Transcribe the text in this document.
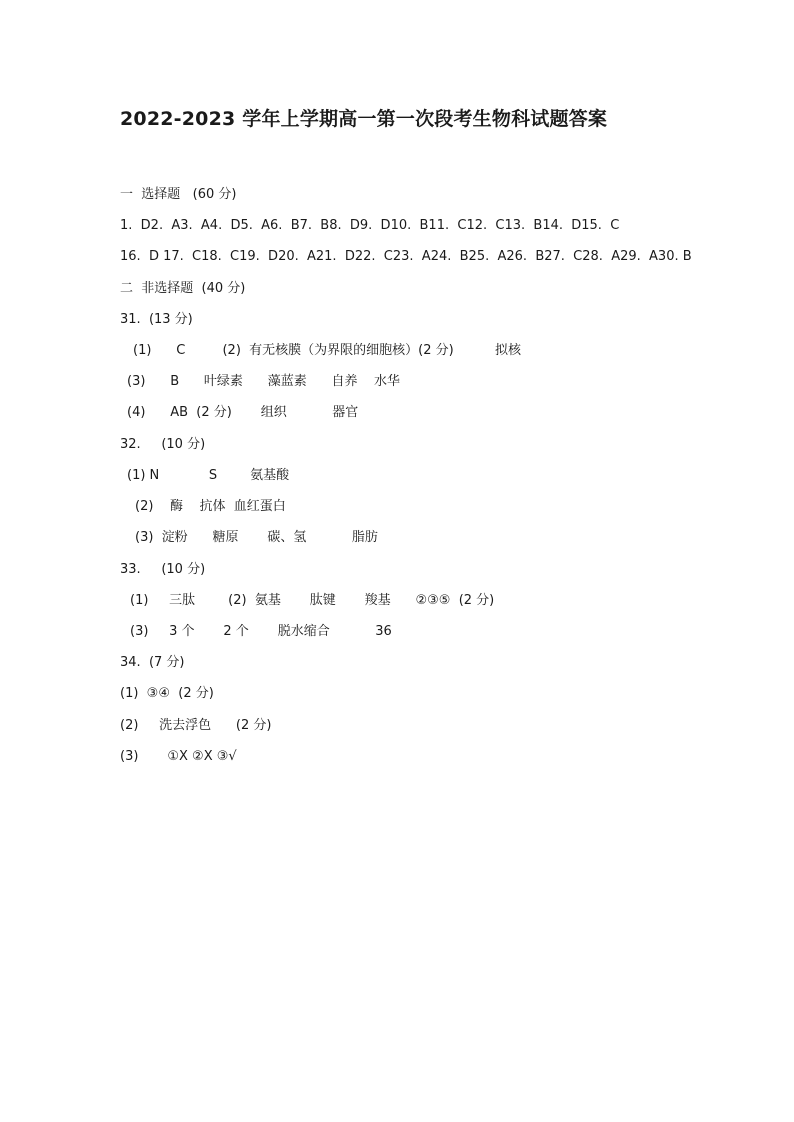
2022-2023 学年上学期高一第一次段考生物科试题答案
一  选择题   (60 分)
1.  D2.  A3.  A4.  D5.  A6.  B7.  B8.  D9.  D10.  B11.  C12.  C13.  B14.  D15.  C
16.  D 17.  C18.  C19.  D20.  A21.  D22.  C23.  A24.  B25.  A26.  B27.  C28.  A29.  A30. B
二  非选择题  (40 分)
31.  (13 分)
(1)      C         (2)  有无核膜（为界限的细胞核）(2 分)          拟核
(3)      B      叶绿素      藻蓝素      自养    水华
(4)      AB  (2 分)       组织           器官
32.     (10 分)
(1) N            S        氨基酸
(2)    酶    抗体  血红蛋白
(3)  淀粉      糖原       碳、氢           脂肪
33.     (10 分)
(1)     三肽        (2)  氨基       肽键       羧基      ②③⑤  (2 分)
(3)     3 个       2 个       脱水缩合           36
34.  (7 分)
(1)  ③④  (2 分)
(2)     洗去浮色      (2 分)
(3)       ①X ②X ③√
